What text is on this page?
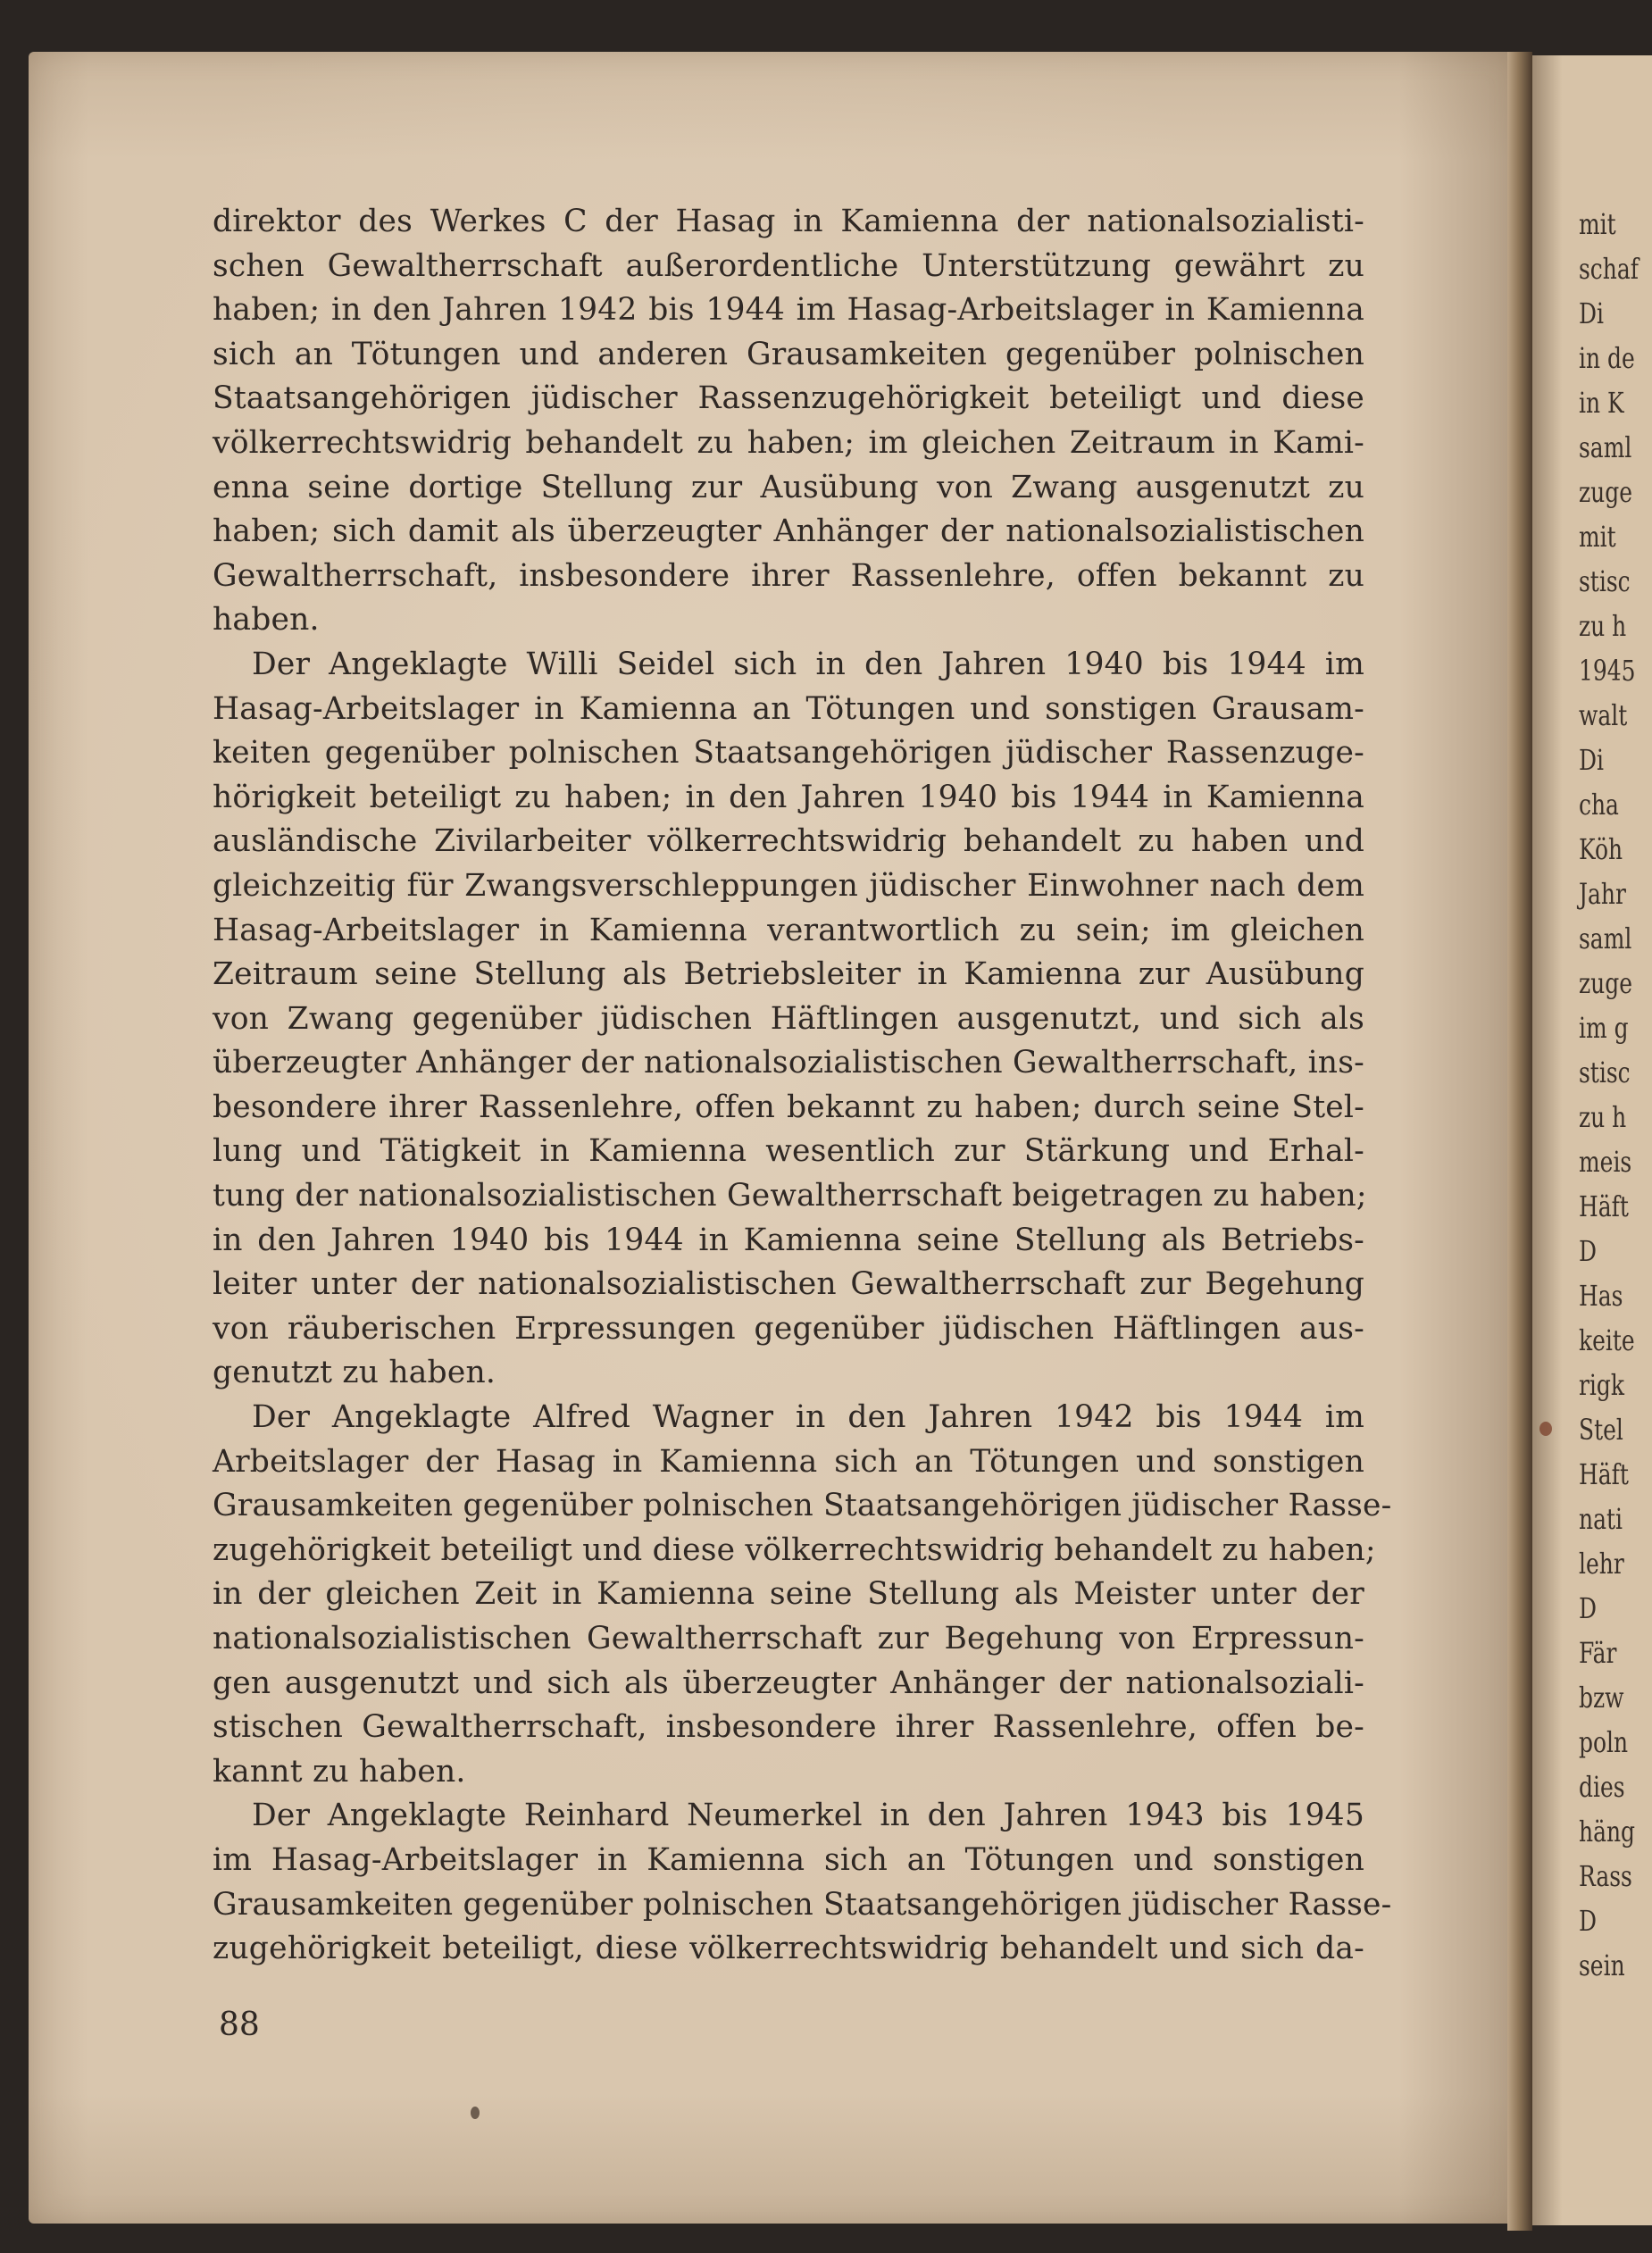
mit
schaf
Di
in de
in K
saml
zuge
mit
stisc
zu h
1945
walt
Di
cha
Köh
Jahr
saml
zuge
im g
stisc
zu h
meis
Häft
D
Has
keite
rigk
Stel
Häft
nati
lehr
D
Fär
bzw
poln
dies
häng
Rass
D
sein
direktor des Werkes C der Hasag in Kamienna der nationalsozialisti-
schen Gewaltherrschaft außerordentliche Unterstützung gewährt zu
haben; in den Jahren 1942 bis 1944 im Hasag-Arbeitslager in Kamienna
sich an Tötungen und anderen Grausamkeiten gegenüber polnischen
Staatsangehörigen jüdischer Rassenzugehörigkeit beteiligt und diese
völkerrechtswidrig behandelt zu haben; im gleichen Zeitraum in Kami-
enna seine dortige Stellung zur Ausübung von Zwang ausgenutzt zu
haben; sich damit als überzeugter Anhänger der nationalsozialistischen
Gewaltherrschaft, insbesondere ihrer Rassenlehre, offen bekannt zu
haben.
Der Angeklagte Willi Seidel sich in den Jahren 1940 bis 1944 im
Hasag-Arbeitslager in Kamienna an Tötungen und sonstigen Grausam-
keiten gegenüber polnischen Staatsangehörigen jüdischer Rassenzuge-
hörigkeit beteiligt zu haben; in den Jahren 1940 bis 1944 in Kamienna
ausländische Zivilarbeiter völkerrechtswidrig behandelt zu haben und
gleichzeitig für Zwangsverschleppungen jüdischer Einwohner nach dem
Hasag-Arbeitslager in Kamienna verantwortlich zu sein; im gleichen
Zeitraum seine Stellung als Betriebsleiter in Kamienna zur Ausübung
von Zwang gegenüber jüdischen Häftlingen ausgenutzt, und sich als
überzeugter Anhänger der nationalsozialistischen Gewaltherrschaft, ins-
besondere ihrer Rassenlehre, offen bekannt zu haben; durch seine Stel-
lung und Tätigkeit in Kamienna wesentlich zur Stärkung und Erhal-
tung der nationalsozialistischen Gewaltherrschaft beigetragen zu haben;
in den Jahren 1940 bis 1944 in Kamienna seine Stellung als Betriebs-
leiter unter der nationalsozialistischen Gewaltherrschaft zur Begehung
von räuberischen Erpressungen gegenüber jüdischen Häftlingen aus-
genutzt zu haben.
Der Angeklagte Alfred Wagner in den Jahren 1942 bis 1944 im
Arbeitslager der Hasag in Kamienna sich an Tötungen und sonstigen
Grausamkeiten gegenüber polnischen Staatsangehörigen jüdischer Rasse-
zugehörigkeit beteiligt und diese völkerrechtswidrig behandelt zu haben;
in der gleichen Zeit in Kamienna seine Stellung als Meister unter der
nationalsozialistischen Gewaltherrschaft zur Begehung von Erpressun-
gen ausgenutzt und sich als überzeugter Anhänger der nationalsoziali-
stischen Gewaltherrschaft, insbesondere ihrer Rassenlehre, offen be-
kannt zu haben.
Der Angeklagte Reinhard Neumerkel in den Jahren 1943 bis 1945
im Hasag-Arbeitslager in Kamienna sich an Tötungen und sonstigen
Grausamkeiten gegenüber polnischen Staatsangehörigen jüdischer Rasse-
zugehörigkeit beteiligt, diese völkerrechtswidrig behandelt und sich da-
88
